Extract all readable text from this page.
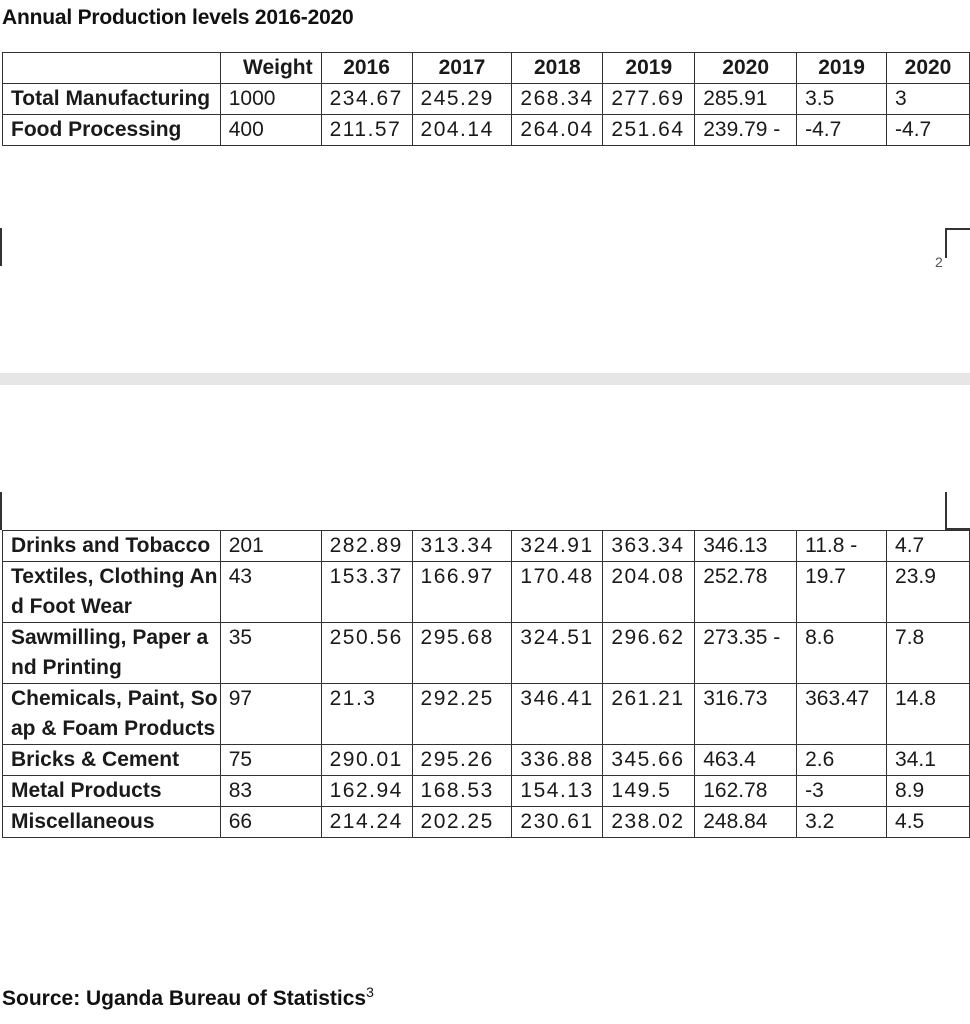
Annual Production levels 2016-2020
	Weight	2016	2017	2018	2019	2020	2019	2020
Total Manufacturing	1000	234.67	245.29	268.34	277.69	285.91	3.5	3
Food Processing	400	211.57	204.14	264.04	251.64	239.79 -	-4.7	-4.7
2
Drinks and Tobacco	201	282.89	313.34	324.91	363.34	346.13	11.8 -	4.7
Textiles, Clothing And Foot Wear	43	153.37	166.97	170.48	204.08	252.78	19.7	23.9
Sawmilling, Paper and Printing	35	250.56	295.68	324.51	296.62	273.35 -	8.6	7.8
Chemicals, Paint, Soap & Foam Products	97	21.3	292.25	346.41	261.21	316.73	363.47	14.8
Bricks & Cement	75	290.01	295.26	336.88	345.66	463.4	2.6	34.1
Metal Products	83	162.94	168.53	154.13	149.5	162.78	-3	8.9
Miscellaneous	66	214.24	202.25	230.61	238.02	248.84	3.2	4.5
Source: Uganda Bureau of Statistics$^3$
